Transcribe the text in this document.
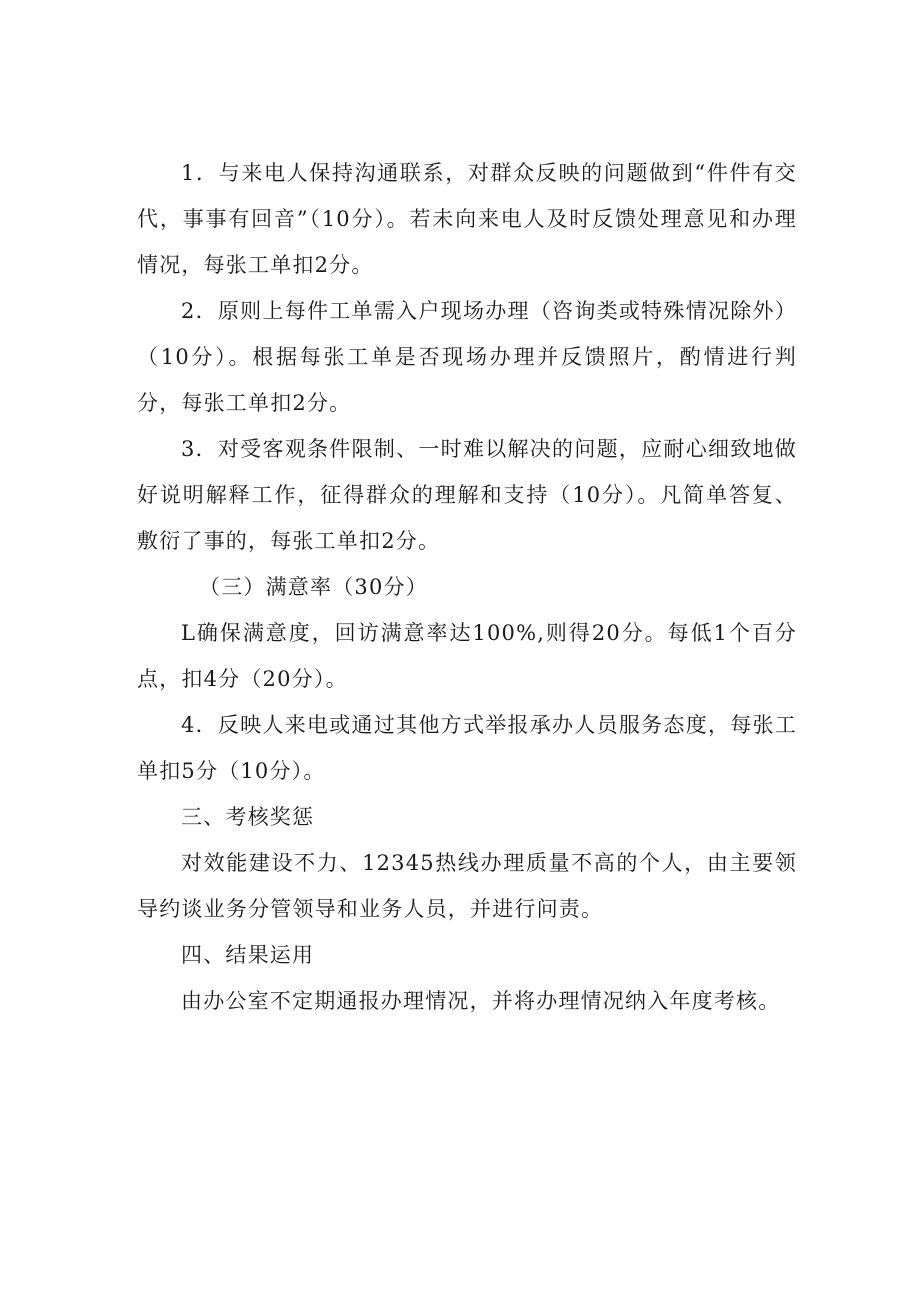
1．与来电人保持沟通联系，对群众反映的问题做到“件件有交代，事事有回音”（10分）。若未向来电人及时反馈处理意见和办理情况，每张工单扣2分。

2．原则上每件工单需入户现场办理（咨询类或特殊情况除外）（10分）。根据每张工单是否现场办理并反馈照片，酌情进行判分，每张工单扣2分。

3．对受客观条件限制、一时难以解决的问题，应耐心细致地做好说明解释工作，征得群众的理解和支持（10分）。凡简单答复、敷衍了事的，每张工单扣2分。

（三）满意率（30分）

L确保满意度，回访满意率达100%,则得20分。每低1个百分点，扣4分（20分）。

4．反映人来电或通过其他方式举报承办人员服务态度，每张工单扣5分（10分）。

三、考核奖惩

对效能建设不力、12345热线办理质量不高的个人，由主要领导约谈业务分管领导和业务人员，并进行问责。

四、结果运用

由办公室不定期通报办理情况，并将办理情况纳入年度考核。
